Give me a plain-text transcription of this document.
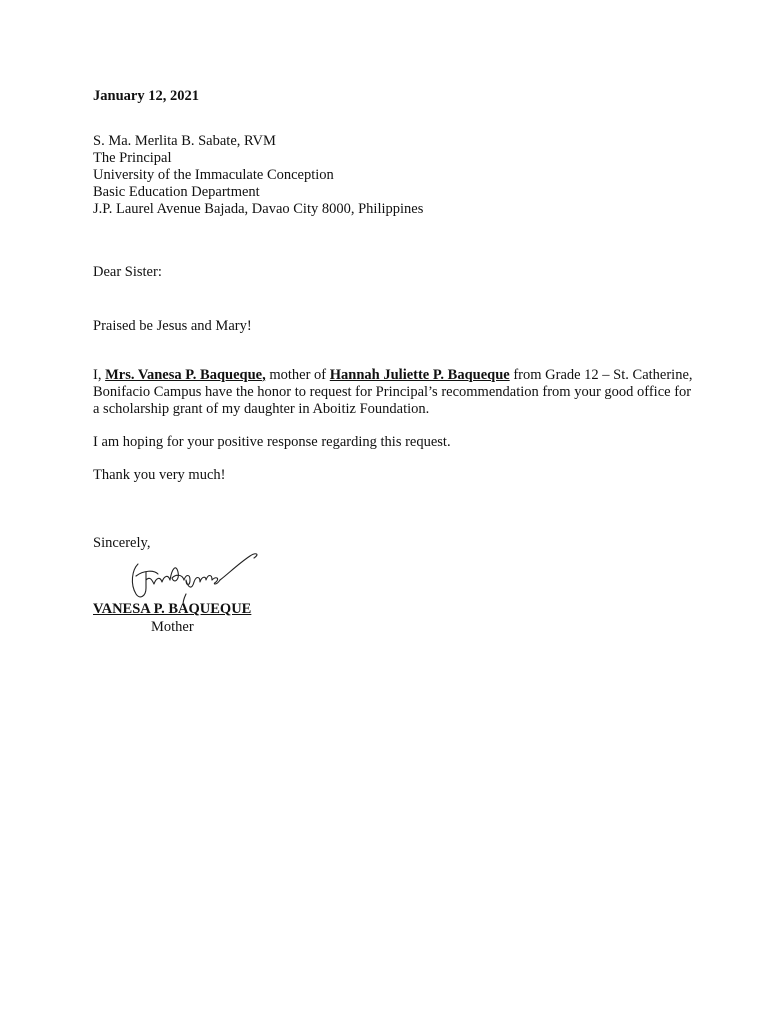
January 12, 2021
S. Ma. Merlita B. Sabate, RVM
The Principal
University of the Immaculate Conception
Basic Education Department
J.P. Laurel Avenue Bajada, Davao City 8000, Philippines
Dear Sister:
Praised be Jesus and Mary!
I, Mrs. Vanesa P. Baqueque, mother of Hannah Juliette P. Baqueque from Grade 12 – St. Catherine, Bonifacio Campus have the honor to request for Principal’s recommendation from your good office for a scholarship grant of my daughter in Aboitiz Foundation.
I am hoping for your positive response regarding this request.
Thank you very much!
Sincerely,
VANESA P. BAQUEQUE
Mother
